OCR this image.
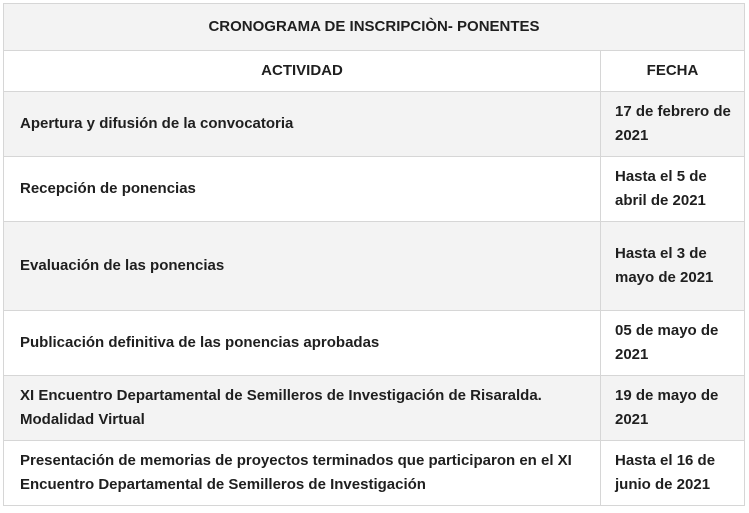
CRONOGRAMA DE INSCRIPCIÒN- PONENTES	
ACTIVIDAD	FECHA
Apertura y difusión de la convocatoria	17 de febrero de 2021
Recepción de ponencias	Hasta el 5 de abril de 2021
Evaluación de las ponencias	Hasta el 3 de mayo de 2021
Publicación definitiva de las ponencias aprobadas	05 de mayo de 2021
XI Encuentro Departamental de Semilleros de Investigación de Risaralda. Modalidad Virtual	19 de mayo de 2021
Presentación de memorias de proyectos terminados que participaron en el XI Encuentro Departamental de Semilleros de Investigación	Hasta el 16 de junio de 2021
